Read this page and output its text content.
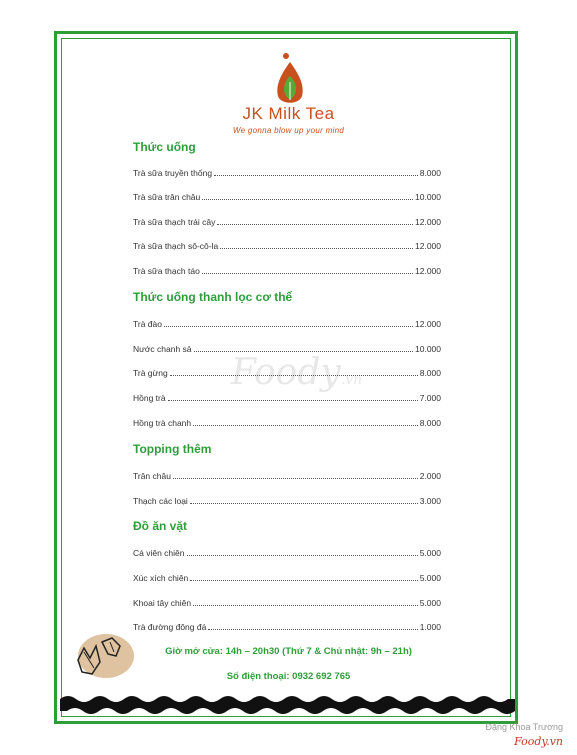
JK Milk Tea
We gonna blow up your mind
Foody.vn
Thức uống
Trà sữa truyền thống	8.000
Trà sữa trân châu	10.000
Trà sữa thạch trái cây	12.000
Trà sữa thạch sô-cô-la	12.000
Trà sữa thạch táo	12.000
Thức uống thanh lọc cơ thể
Trà đào	12.000
Nước chanh sả	10.000
Trà gừng	8.000
Hồng trà	7.000
Hồng trà chanh	8.000
Topping thêm
Trân châu	2.000
Thạch các loại	3.000
Đồ ăn vặt
Cá viên chiên	5.000
Xúc xích chiên	5.000
Khoai tây chiên	5.000
Trà đường đông đá	1.000
Giờ mở cửa: 14h – 20h30 (Thứ 7 & Chủ nhật: 9h – 21h)
Số điện thoại: 0932 692 765
Đặng Khoa Trương
Foody.vn
